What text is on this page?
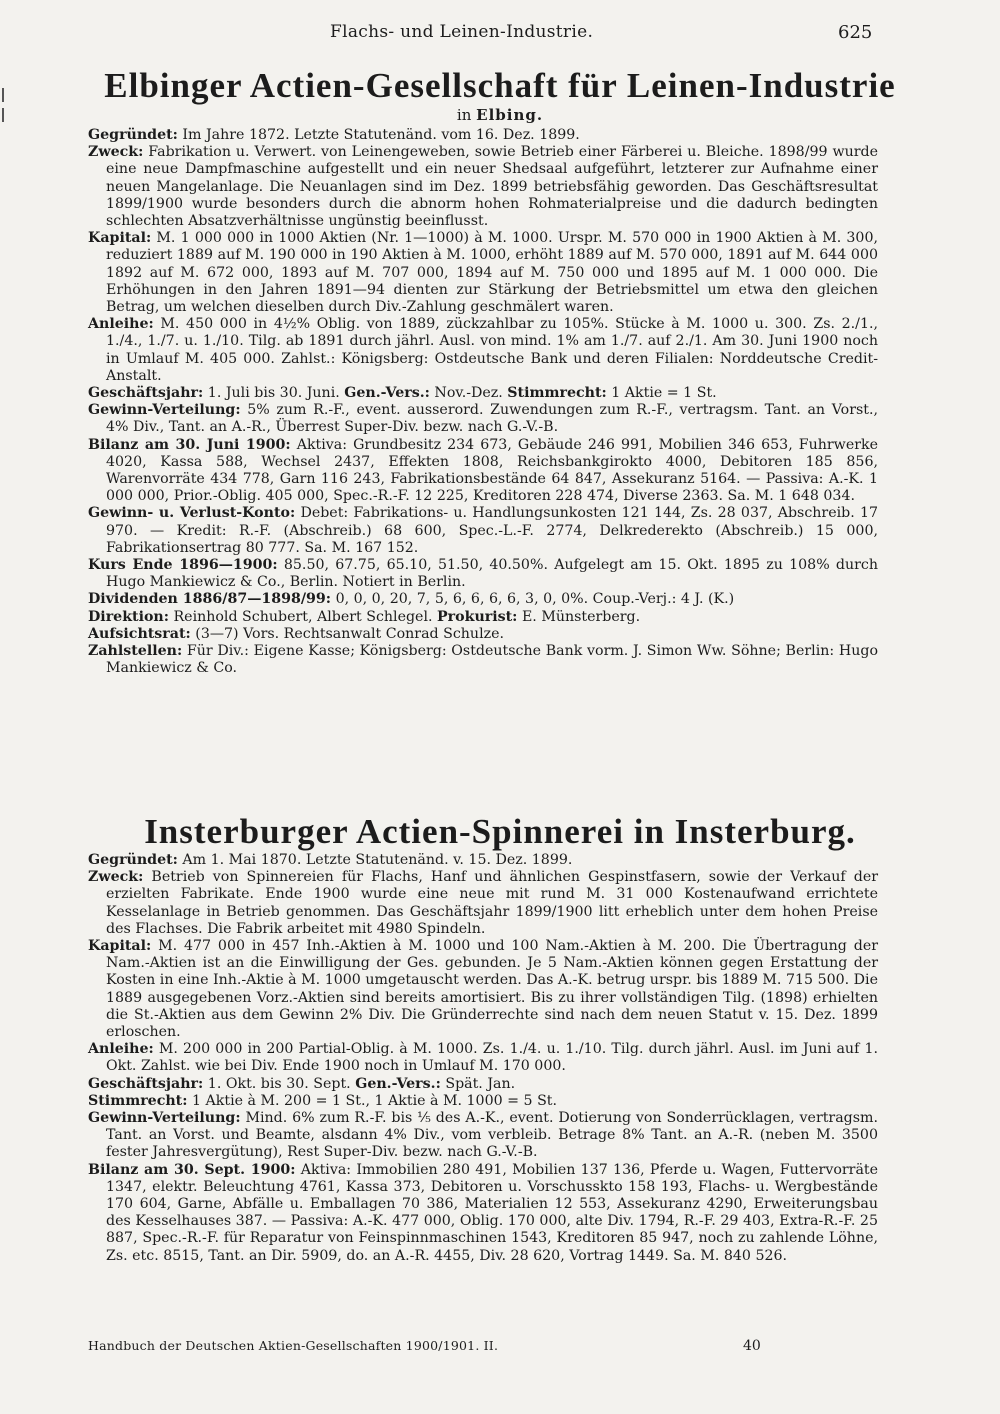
Flachs- und Leinen-Industrie.	625
Elbinger Actien-Gesellschaft für Leinen-Industrie
in Elbing.

Gegründet: Im Jahre 1872. Letzte Statutenänd. vom 16. Dez. 1899.

Zweck: Fabrikation u. Verwert. von Leinengeweben, sowie Betrieb einer Färberei u. Bleiche. 1898/99 wurde eine neue Dampfmaschine aufgestellt und ein neuer Shedsaal aufgeführt, letzterer zur Aufnahme einer neuen Mangelanlage. Die Neuanlagen sind im Dez. 1899 betriebsfähig geworden. Das Geschäftsresultat 1899/1900 wurde besonders durch die abnorm hohen Rohmaterialpreise und die dadurch bedingten schlechten Absatzverhältnisse ungünstig beeinflusst.

Kapital: M. 1 000 000 in 1000 Aktien (Nr. 1—1000) à M. 1000. Urspr. M. 570 000 in 1900 Aktien à M. 300, reduziert 1889 auf M. 190 000 in 190 Aktien à M. 1000, erhöht 1889 auf M. 570 000, 1891 auf M. 644 000 1892 auf M. 672 000, 1893 auf M. 707 000, 1894 auf M. 750 000 und 1895 auf M. 1 000 000. Die Erhöhungen in den Jahren 1891—94 dienten zur Stärkung der Betriebsmittel um etwa den gleichen Betrag, um welchen dieselben durch Div.-Zahlung geschmälert waren.

Anleihe: M. 450 000 in 4½% Oblig. von 1889, zückzahlbar zu 105%. Stücke à M. 1000 u. 300. Zs. 2./1., 1./4., 1./7. u. 1./10. Tilg. ab 1891 durch jährl. Ausl. von mind. 1% am 1./7. auf 2./1. Am 30. Juni 1900 noch in Umlauf M. 405 000. Zahlst.: Königsberg: Ostdeutsche Bank und deren Filialen: Norddeutsche Credit-Anstalt.

Geschäftsjahr: 1. Juli bis 30. Juni. Gen.-Vers.: Nov.-Dez. Stimmrecht: 1 Aktie = 1 St.

Gewinn-Verteilung: 5% zum R.-F., event. ausserord. Zuwendungen zum R.-F., vertragsm. Tant. an Vorst., 4% Div., Tant. an A.-R., Überrest Super-Div. bezw. nach G.-V.-B.

Bilanz am 30. Juni 1900: Aktiva: Grundbesitz 234 673, Gebäude 246 991, Mobilien 346 653, Fuhrwerke 4020, Kassa 588, Wechsel 2437, Effekten 1808, Reichsbankgirokto 4000, Debitoren 185 856, Warenvorräte 434 778, Garn 116 243, Fabrikationsbestände 64 847, Assekuranz 5164. — Passiva: A.-K. 1 000 000, Prior.-Oblig. 405 000, Spec.-R.-F. 12 225, Kreditoren 228 474, Diverse 2363. Sa. M. 1 648 034.

Gewinn- u. Verlust-Konto: Debet: Fabrikations- u. Handlungsunkosten 121 144, Zs. 28 037, Abschreib. 17 970. — Kredit: R.-F. (Abschreib.) 68 600, Spec.-L.-F. 2774, Delkrederekto (Abschreib.) 15 000, Fabrikationsertrag 80 777. Sa. M. 167 152.

Kurs Ende 1896—1900: 85.50, 67.75, 65.10, 51.50, 40.50%. Aufgelegt am 15. Okt. 1895 zu 108% durch Hugo Mankiewicz & Co., Berlin. Notiert in Berlin.

Dividenden 1886/87—1898/99: 0, 0, 0, 20, 7, 5, 6, 6, 6, 6, 3, 0, 0%. Coup.-Verj.: 4 J. (K.)

Direktion: Reinhold Schubert, Albert Schlegel. Prokurist: E. Münsterberg.

Aufsichtsrat: (3—7) Vors. Rechtsanwalt Conrad Schulze.

Zahlstellen: Für Div.: Eigene Kasse; Königsberg: Ostdeutsche Bank vorm. J. Simon Ww. Söhne; Berlin: Hugo Mankiewicz & Co.

Insterburger Actien-Spinnerei in Insterburg.

Gegründet: Am 1. Mai 1870. Letzte Statutenänd. v. 15. Dez. 1899.

Zweck: Betrieb von Spinnereien für Flachs, Hanf und ähnlichen Gespinstfasern, sowie der Verkauf der erzielten Fabrikate. Ende 1900 wurde eine neue mit rund M. 31 000 Kostenaufwand errichtete Kesselanlage in Betrieb genommen. Das Geschäftsjahr 1899/1900 litt erheblich unter dem hohen Preise des Flachses. Die Fabrik arbeitet mit 4980 Spindeln.

Kapital: M. 477 000 in 457 Inh.-Aktien à M. 1000 und 100 Nam.-Aktien à M. 200. Die Übertragung der Nam.-Aktien ist an die Einwilligung der Ges. gebunden. Je 5 Nam.-Aktien können gegen Erstattung der Kosten in eine Inh.-Aktie à M. 1000 umgetauscht werden. Das A.-K. betrug urspr. bis 1889 M. 715 500. Die 1889 ausgegebenen Vorz.-Aktien sind bereits amortisiert. Bis zu ihrer vollständigen Tilg. (1898) erhielten die St.-Aktien aus dem Gewinn 2% Div. Die Gründerrechte sind nach dem neuen Statut v. 15. Dez. 1899 erloschen.

Anleihe: M. 200 000 in 200 Partial-Oblig. à M. 1000. Zs. 1./4. u. 1./10. Tilg. durch jährl. Ausl. im Juni auf 1. Okt. Zahlst. wie bei Div. Ende 1900 noch in Umlauf M. 170 000.

Geschäftsjahr: 1. Okt. bis 30. Sept. Gen.-Vers.: Spät. Jan.

Stimmrecht: 1 Aktie à M. 200 = 1 St., 1 Aktie à M. 1000 = 5 St.

Gewinn-Verteilung: Mind. 6% zum R.-F. bis ⅕ des A.-K., event. Dotierung von Sonderrücklagen, vertragsm. Tant. an Vorst. und Beamte, alsdann 4% Div., vom verbleib. Betrage 8% Tant. an A.-R. (neben M. 3500 fester Jahresvergütung), Rest Super-Div. bezw. nach G.-V.-B.

Bilanz am 30. Sept. 1900: Aktiva: Immobilien 280 491, Mobilien 137 136, Pferde u. Wagen, Futtervorräte 1347, elektr. Beleuchtung 4761, Kassa 373, Debitoren u. Vorschusskto 158 193, Flachs- u. Wergbestände 170 604, Garne, Abfälle u. Emballagen 70 386, Materialien 12 553, Assekuranz 4290, Erweiterungsbau des Kesselhauses 387. — Passiva: A.-K. 477 000, Oblig. 170 000, alte Div. 1794, R.-F. 29 403, Extra-R.-F. 25 887, Spec.-R.-F. für Reparatur von Feinspinnmaschinen 1543, Kreditoren 85 947, noch zu zahlende Löhne, Zs. etc. 8515, Tant. an Dir. 5909, do. an A.-R. 4455, Div. 28 620, Vortrag 1449. Sa. M. 840 526.

Handbuch der Deutschen Aktien-Gesellschaften 1900/1901. II.	40
